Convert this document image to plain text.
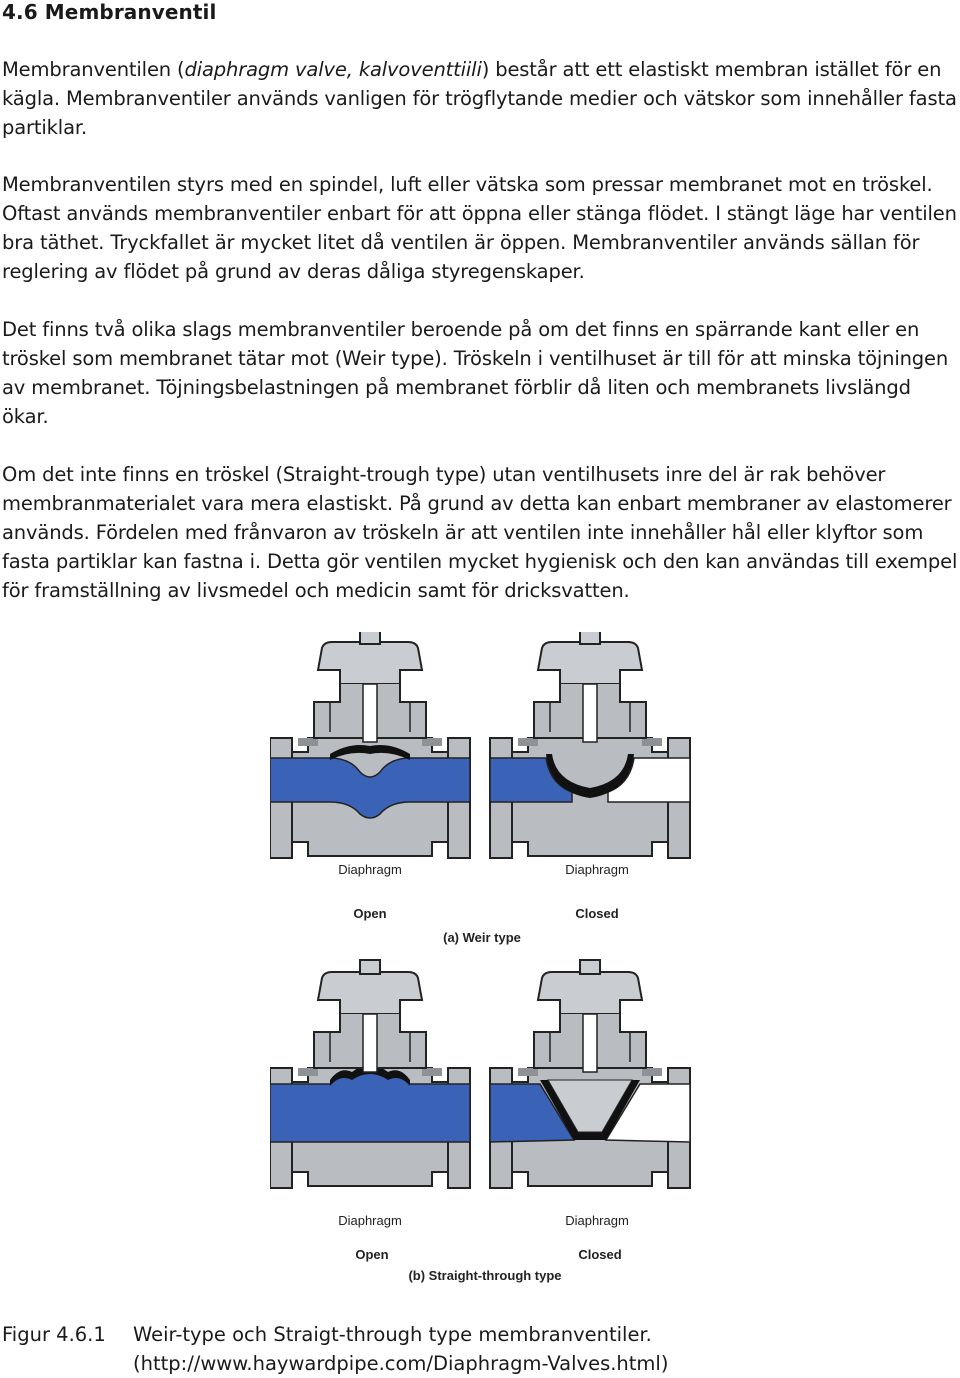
4.6 Membranventil
Membranventilen (diaphragm valve, kalvoventtiili) består att ett elastiskt membran istället för en
kägla. Membranventiler används vanligen för trögflytande medier och vätskor som innehåller fasta
partiklar.
Membranventilen styrs med en spindel, luft eller vätska som pressar membranet mot en tröskel.
Oftast används membranventiler enbart för att öppna eller stänga flödet. I stängt läge har ventilen
bra täthet. Tryckfallet är mycket litet då ventilen är öppen. Membranventiler används sällan för
reglering av flödet på grund av deras dåliga styregenskaper.
Det finns två olika slags membranventiler beroende på om det finns en spärrande kant eller en
tröskel som membranet tätar mot (Weir type). Tröskeln i ventilhuset är till för att minska töjningen
av membranet. Töjningsbelastningen på membranet förblir då liten och membranets livslängd
ökar.
Om det inte finns en tröskel (Straight-trough type) utan ventilhusets inre del är rak behöver
membranmaterialet vara mera elastiskt. På grund av detta kan enbart membraner av elastomerer
används. Fördelen med frånvaron av tröskeln är att ventilen inte innehåller hål eller klyftor som
fasta partiklar kan fastna i. Detta gör ventilen mycket hygienisk och den kan användas till exempel
för framställning av livsmedel och medicin samt för dricksvatten.
Diaphragm
Open
Diaphragm
Closed
(a) Weir type
Diaphragm
Open
Diaphragm
Closed
(b) Straight-through type
Figur 4.6.1 Weir-type och Straigt-through type membranventiler.
(http://www.haywardpipe.com/Diaphragm-Valves.html)
